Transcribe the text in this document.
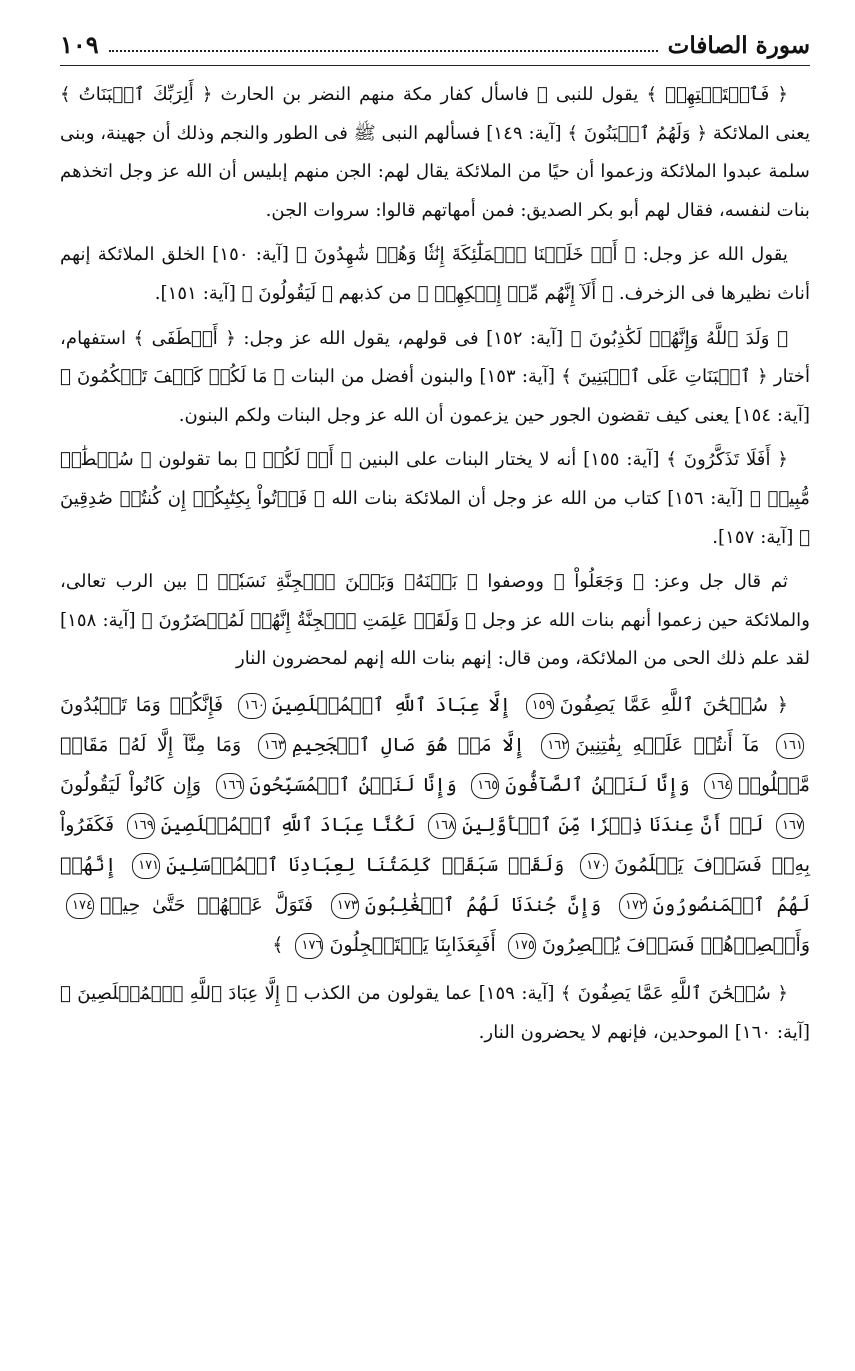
سورة الصافات
١٠٩

﴿ فَٱسۡتَفۡتِهِمۡ ﴾ يقول للنبى ﷺ فاسأل كفار مكة منهم النضر بن الحارث ﴿ أَلِرَبِّكَ ٱلۡبَنَاتُ ﴾ يعنى الملائكة ﴿ وَلَهُمُ ٱلۡبَنُونَ ﴾ [آية: ١٤٩] فسألهم النبى ﷺ فى الطور والنجم وذلك أن جهينة، وبنى سلمة عبدوا الملائكة وزعموا أن حيًا من الملائكة يقال لهم: الجن منهم إبليس أن الله عز وجل اتخذهم بنات لنفسه، فقال لهم أبو بكر الصديق: فمن أمهاتهم قالوا: سروات الجن.

يقول الله عز وجل: ﴿ أَمۡ خَلَقۡنَا ٱلۡمَلَٰٓئِكَةَ إِنَٰثٗا وَهُمۡ شَٰهِدُونَ ﴾ [آية: ١٥٠] الخلق الملائكة إنهم أناث نظيرها فى الزخرف. ﴿ أَلَآ إِنَّهُم مِّنۡ إِفۡكِهِمۡ ﴾ من كذبهم ﴿ لَيَقُولُونَ ﴾ [آية: ١٥١].

﴿ وَلَدَ ٱللَّهُ وَإِنَّهُمۡ لَكَٰذِبُونَ ﴾ [آية: ١٥٢] فى قولهم، يقول الله عز وجل: ﴿ أَصۡطَفَى ﴾ استفهام، أختار ﴿ ٱلۡبَنَاتِ عَلَى ٱلۡبَنِينَ ﴾ [آية: ١٥٣] والبنون أفضل من البنات ﴿ مَا لَكُمۡ كَيۡفَ تَحۡكُمُونَ ﴾ [آية: ١٥٤] يعنى كيف تقضون الجور حين يزعمون أن الله عز وجل البنات ولكم البنون.

﴿ أَفَلَا تَذَكَّرُونَ ﴾ [آية: ١٥٥] أنه لا يختار البنات على البنين ﴿ أَمۡ لَكُمۡ ﴾ بما تقولون ﴿ سُلۡطَٰنٞ مُّبِينٞ ﴾ [آية: ١٥٦] كتاب من الله عز وجل أن الملائكة بنات الله ﴿ فَأۡتُواْ بِكِتَٰبِكُمۡ إِن كُنتُمۡ صَٰدِقِينَ ﴾ [آية: ١٥٧].

ثم قال جل وعز: ﴿ وَجَعَلُواْ ﴾ ووصفوا ﴿ بَيۡنَهُۥ وَبَيۡنَ ٱلۡجِنَّةِ نَسَبٗاۚ ﴾ بين الرب تعالى، والملائكة حين زعموا أنهم بنات الله عز وجل ﴿ وَلَقَدۡ عَلِمَتِ ٱلۡجِنَّةُ إِنَّهُمۡ لَمُحۡضَرُونَ ﴾ [آية: ١٥٨] لقد علم ذلك الحى من الملائكة، ومن قال: إنهم بنات الله إنهم لمحضرون النار

﴿ سُبۡحَٰنَ ٱللَّهِ عَمَّا يَصِفُونَ١٥٩ إِلَّا عِبَادَ ٱللَّهِ ٱلۡمُخۡلَصِينَ١٦٠ فَإِنَّكُمۡ وَمَا تَعۡبُدُونَ١٦١ مَآ أَنتُمۡ عَلَيۡهِ بِفَٰتِنِينَ١٦٢ إِلَّا مَنۡ هُوَ صَالِ ٱلۡجَحِيمِ١٦٣ وَمَا مِنَّآ إِلَّا لَهُۥ مَقَامٞ مَّعۡلُومٞ١٦٤ وَإِنَّا لَنَحۡنُ ٱلصَّآفُّونَ١٦٥ وَإِنَّا لَنَحۡنُ ٱلۡمُسَبِّحُونَ١٦٦ وَإِن كَانُواْ لَيَقُولُونَ١٦٧ لَوۡ أَنَّ عِندَنَا ذِكۡرٗا مِّنَ ٱلۡأَوَّلِينَ١٦٨ لَكُنَّا عِبَادَ ٱللَّهِ ٱلۡمُخۡلَصِينَ١٦٩ فَكَفَرُواْ بِهِۦۖ فَسَوۡفَ يَعۡلَمُونَ١٧٠ وَلَقَدۡ سَبَقَتۡ كَلِمَتُنَا لِعِبَادِنَا ٱلۡمُرۡسَلِينَ١٧١ إِنَّهُمۡ لَهُمُ ٱلۡمَنصُورُونَ١٧٢ وَإِنَّ جُندَنَا لَهُمُ ٱلۡغَٰلِبُونَ١٧٣ فَتَوَلَّ عَنۡهُمۡ حَتَّىٰ حِينٖ١٧٤ وَأَبۡصِرۡهُمۡ فَسَوۡفَ يُبۡصِرُونَ١٧٥ أَفَبِعَذَابِنَا يَسۡتَعۡجِلُونَ١٧٦ ﴾

﴿ سُبۡحَٰنَ ٱللَّهِ عَمَّا يَصِفُونَ ﴾ [آية: ١٥٩] عما يقولون من الكذب ﴿ إِلَّا عِبَادَ ٱللَّهِ ٱلۡمُخۡلَصِينَ ﴾ [آية: ١٦٠] الموحدين، فإنهم لا يحضرون النار.
